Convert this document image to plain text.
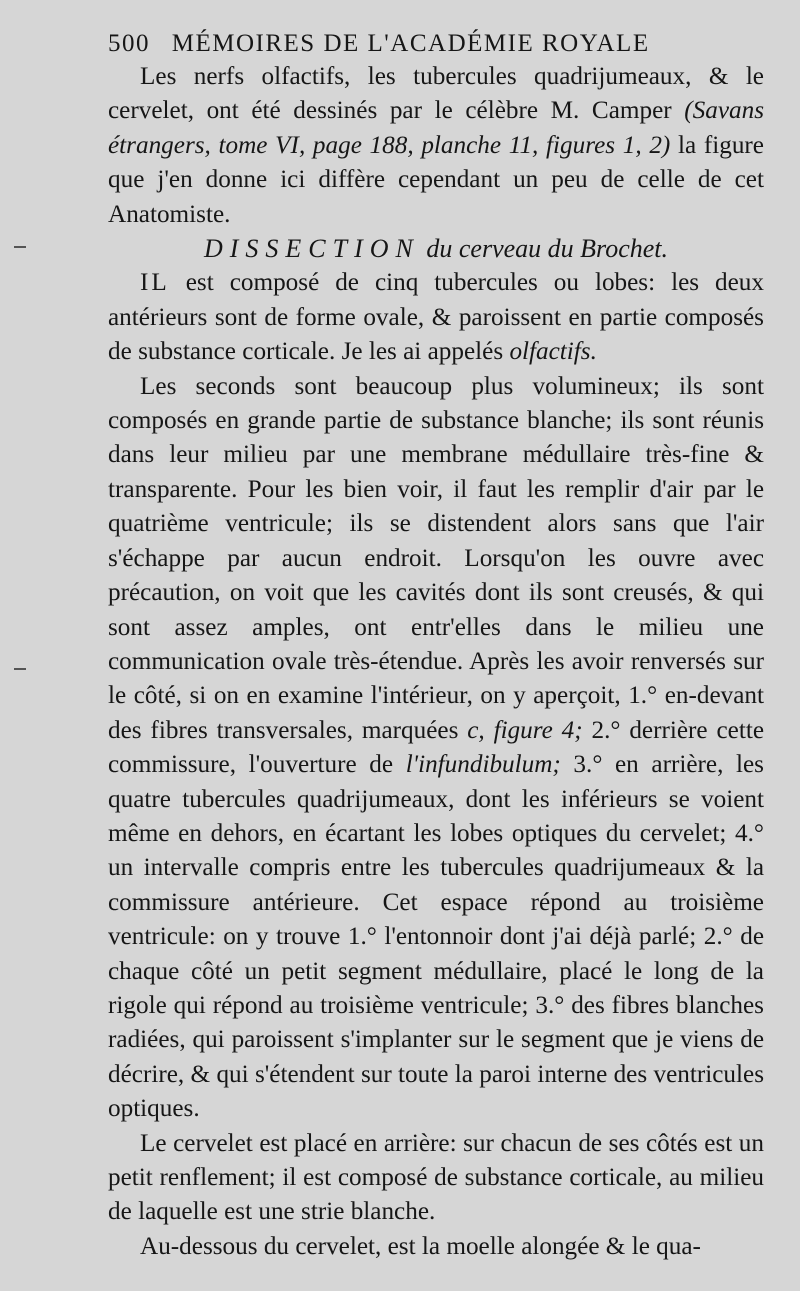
500 MÉMOIRES DE L'ACADÉMIE ROYALE

Les nerfs olfactifs, les tubercules quadrijumeaux, & le cervelet, ont été dessinés par le célèbre M. Camper (Savans étrangers, tome VI, page 188, planche 11, figures 1, 2) la figure que j'en donne ici diffère cependant un peu de celle de cet Anatomiste.

DISSECTION du cerveau du Brochet.

IL est composé de cinq tubercules ou lobes: les deux antérieurs sont de forme ovale, & paroissent en partie composés de substance corticale. Je les ai appelés olfactifs.

Les seconds sont beaucoup plus volumineux; ils sont composés en grande partie de substance blanche; ils sont réunis dans leur milieu par une membrane médullaire très-fine & transparente. Pour les bien voir, il faut les remplir d'air par le quatrième ventricule; ils se distendent alors sans que l'air s'échappe par aucun endroit. Lorsqu'on les ouvre avec précaution, on voit que les cavités dont ils sont creusés, & qui sont assez amples, ont entr'elles dans le milieu une communication ovale très-étendue. Après les avoir renversés sur le côté, si on en examine l'intérieur, on y aperçoit, 1.° en-devant des fibres transversales, marquées c, figure 4; 2.° derrière cette commissure, l'ouverture de l'infundibulum; 3.° en arrière, les quatre tubercules quadrijumeaux, dont les inférieurs se voient même en dehors, en écartant les lobes optiques du cervelet; 4.° un intervalle compris entre les tubercules quadrijumeaux & la commissure antérieure. Cet espace répond au troisième ventricule: on y trouve 1.° l'entonnoir dont j'ai déjà parlé; 2.° de chaque côté un petit segment médullaire, placé le long de la rigole qui répond au troisième ventricule; 3.° des fibres blanches radiées, qui paroissent s'implanter sur le segment que je viens de décrire, & qui s'étendent sur toute la paroi interne des ventricules optiques.

Le cervelet est placé en arrière: sur chacun de ses côtés est un petit renflement; il est composé de substance corticale, au milieu de laquelle est une strie blanche.

Au-dessous du cervelet, est la moelle alongée & le qua-
